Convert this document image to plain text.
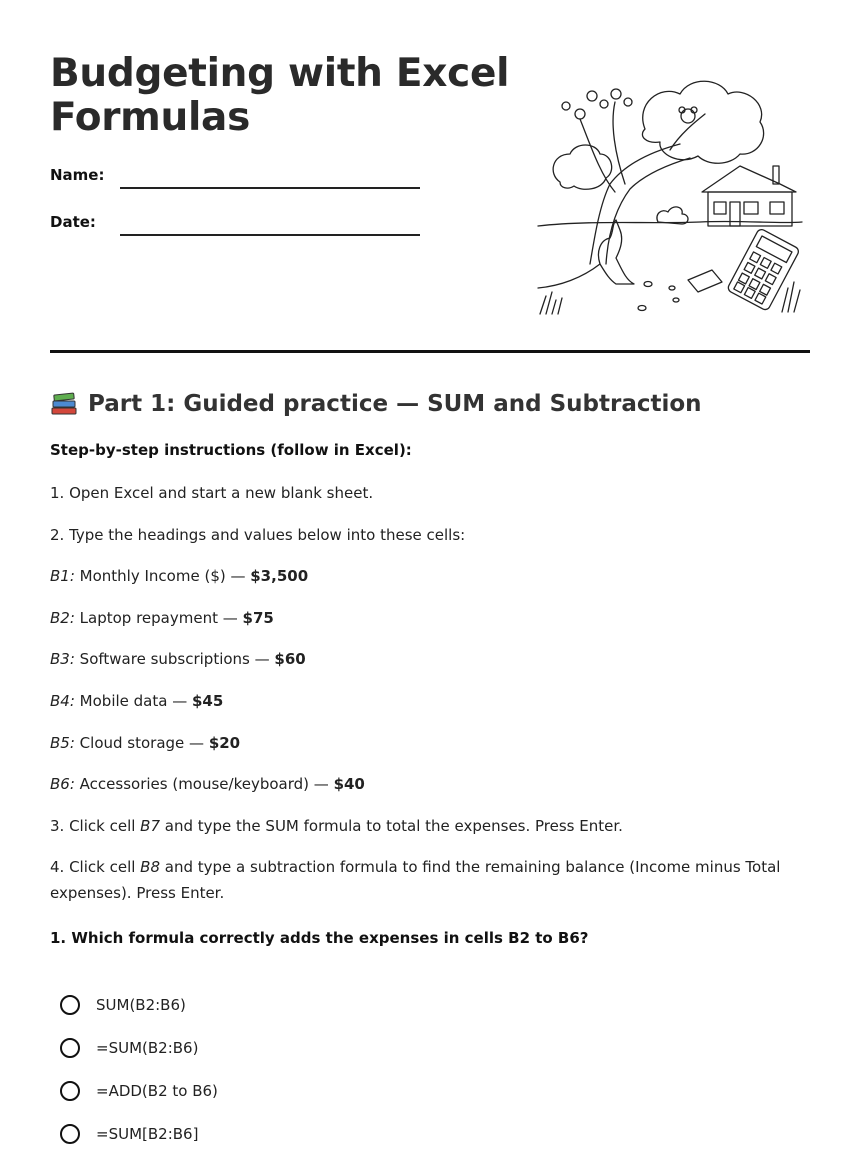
Budgeting with Excel Formulas
Name:
Date:
Part 1: Guided practice — SUM and Subtraction
Step-by-step instructions (follow in Excel):
1. Open Excel and start a new blank sheet.
2. Type the headings and values below into these cells:
B1: Monthly Income ($) — $3,500
B2: Laptop repayment — $75
B3: Software subscriptions — $60
B4: Mobile data — $45
B5: Cloud storage — $20
B6: Accessories (mouse/keyboard) — $40
3. Click cell B7 and type the SUM formula to total the expenses. Press Enter.
4. Click cell B8 and type a subtraction formula to find the remaining balance (Income minus Total expenses). Press Enter.
1. Which formula correctly adds the expenses in cells B2 to B6?
SUM(B2:B6)
=SUM(B2:B6)
=ADD(B2 to B6)
=SUM[B2:B6]
